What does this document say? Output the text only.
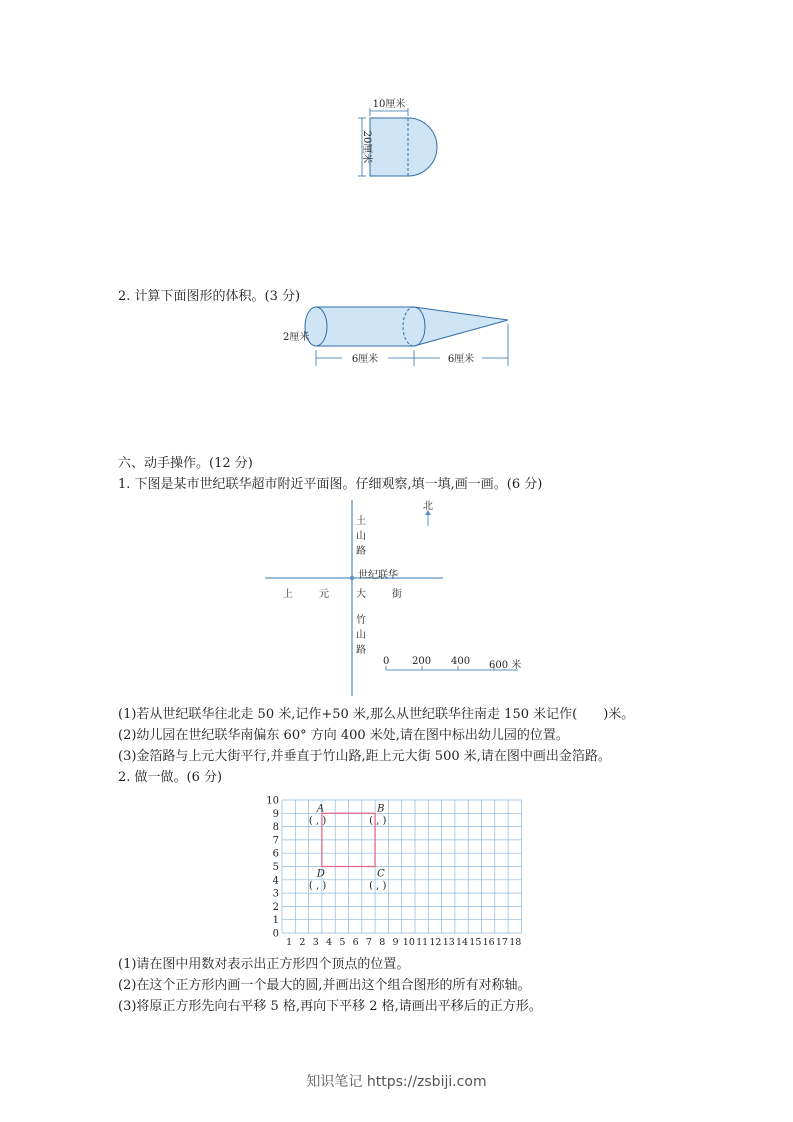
10厘米
20厘米
2. 计算下面图形的体积。(3 分)
2厘米
6厘米	6厘米
六、动手操作。(12 分)
1. 下图是某市世纪联华超市附近平面图。仔细观察,填一填,画一画。(6 分)
北
土
山
路
世纪联华
上	元	大	街
竹
山
路
0 200 400 600 米
(1)若从世纪联华往北走 50 米,记作+50 米,那么从世纪联华往南走 150 米记作(　　)米。
(2)幼儿园在世纪联华南偏东 60° 方向 400 米处,请在图中标出幼儿园的位置。
(3)金箔路与上元大街平行,并垂直于竹山路,距上元大街 500 米,请在图中画出金箔路。
2. 做一做。(6 分)
10
9
8
7
6
5
4
3
2
1
0
1 2 3 4 5 6 7 8 9 10 11 12 13 14 15 16 17 18
A
( , )
B
( , )
D
( , )
C
( , )
(1)请在图中用数对表示出正方形四个顶点的位置。
(2)在这个正方形内画一个最大的圆,并画出这个组合图形的所有对称轴。
(3)将原正方形先向右平移 5 格,再向下平移 2 格,请画出平移后的正方形。
知识笔记 https://zsbiji.com
